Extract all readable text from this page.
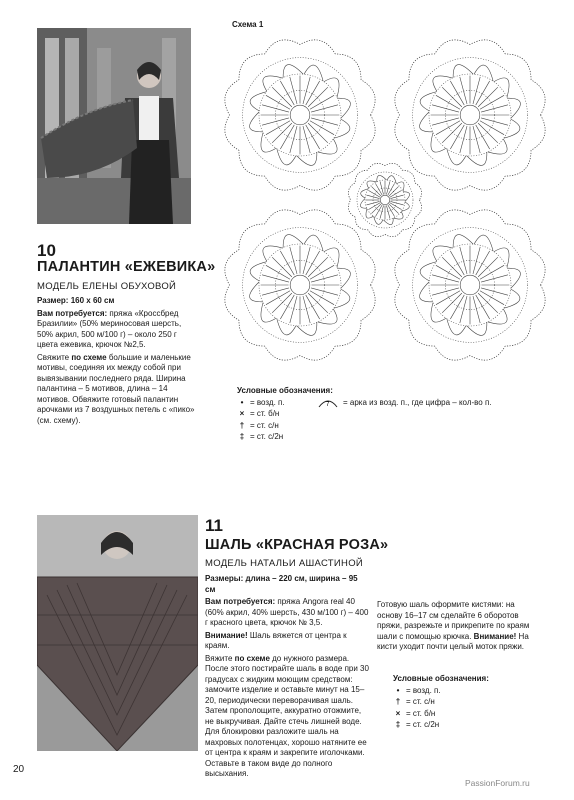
10
ПАЛАНТИН «ЕЖЕВИКА»
МОДЕЛЬ ЕЛЕНЫ ОБУХОВОЙ

Размер: 160 х 60 см

Вам потребуется: пряжа «Кроссбред Бразилии» (50% мериносовая шерсть, 50% акрил, 500 м/100 г) – около 250 г цвета ежевика, крючок №2,5.

Свяжите по схеме большие и маленькие мотивы, соединяя их между собой при вывязывании последнего ряда. Ширина палантина – 5 мотивов, длина – 14 мотивов. Обвяжите готовый палантин арочками из 7 воздушных петель с «пико» (см. схему).

Схема 1
Условные обозначения:
• = возд. п.
× = ст. б/н
† = ст. с/н
‡ = ст. с/2н
7 = арка из возд. п., где цифра – кол-во п.
11
ШАЛЬ «КРАСНАЯ РОЗА»
МОДЕЛЬ НАТАЛЬИ АШАСТИНОЙ

Размеры: длина – 220 см, ширина – 95 см

Вам потребуется: пряжа Angora real 40 (60% акрил, 40% шерсть, 430 м/100 г) – 400 г красного цвета, крючок № 3,5.

Внимание! Шаль вяжется от центра к краям.

Вяжите по схеме до нужного размера. После этого постирайте шаль в воде при 30 градусах с жидким моющим средством: замочите изделие и оставьте минут на 15–20, периодически переворачивая шаль. Затем прополощите, аккуратно отожмите, не выкручивая. Дайте стечь лишней воде. Для блокировки разложите шаль на махровых полотенцах, хорошо натяните ее от центра к краям и закрепите иголочками. Оставьте в таком виде до полного высыхания.

Готовую шаль оформите кистями: на основу 16–17 см сделайте 6 оборотов пряжи, разрежьте и прикрепите по краям шали с помощью крючка. Внимание! На кисти уходит почти целый моток пряжи.

Условные обозначения:
• = возд. п.
† = ст. с/н
× = ст. б/н
‡ = ст. с/2н
20
PassionForum.ru
